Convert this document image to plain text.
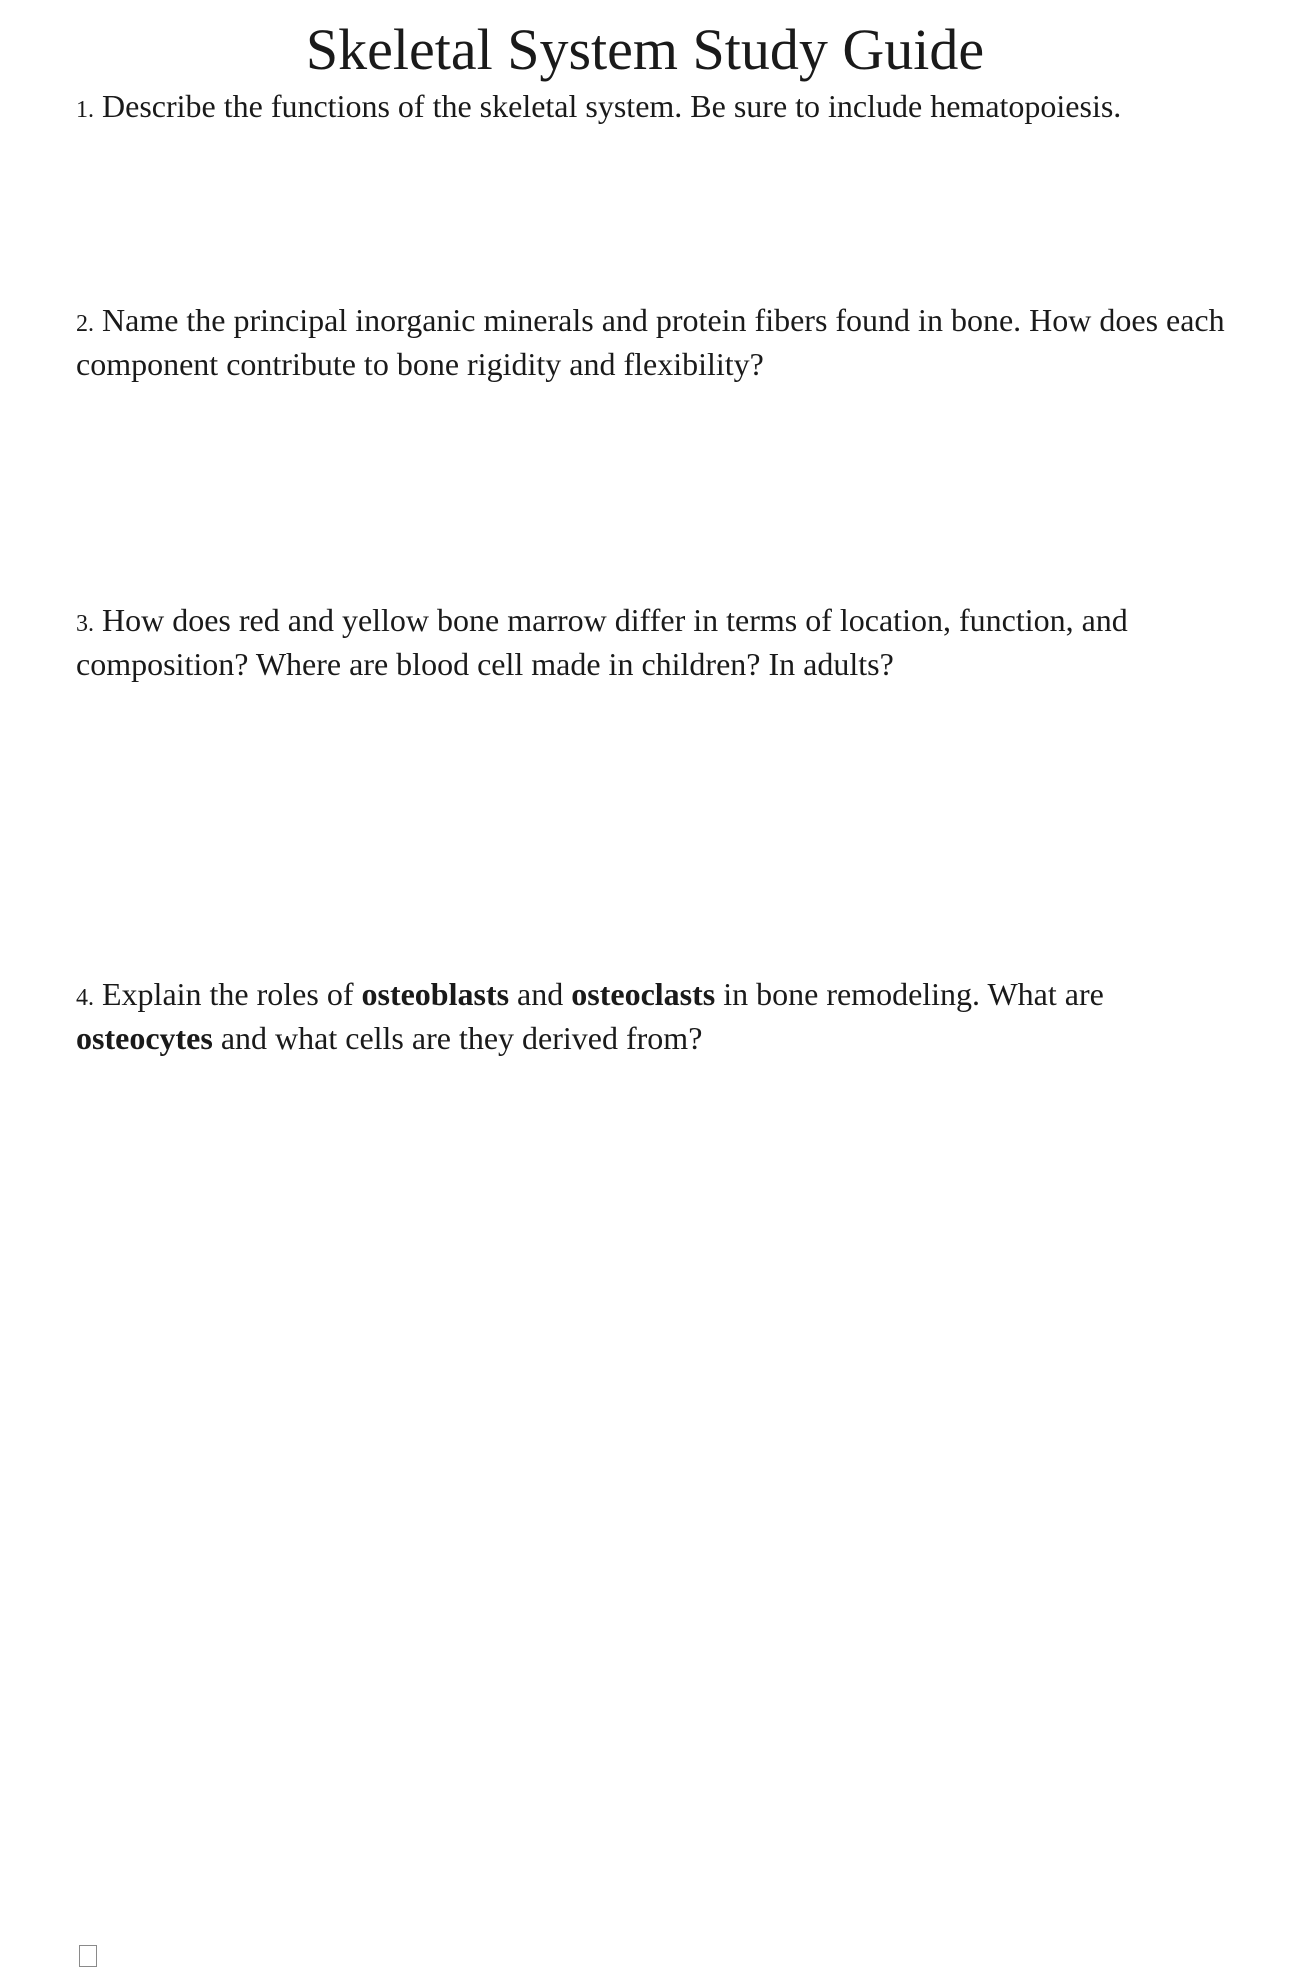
Skeletal System Study Guide

1. Describe the functions of the skeletal system. Be sure to include hematopoiesis.

2. Name the principal inorganic minerals and protein fibers found in bone. How does each component contribute to bone rigidity and flexibility?

3. How does red and yellow bone marrow differ in terms of location, function, and composition? Where are blood cell made in children? In adults?

4. Explain the roles of osteoblasts and osteoclasts in bone remodeling. What are osteocytes and what cells are they derived from?
